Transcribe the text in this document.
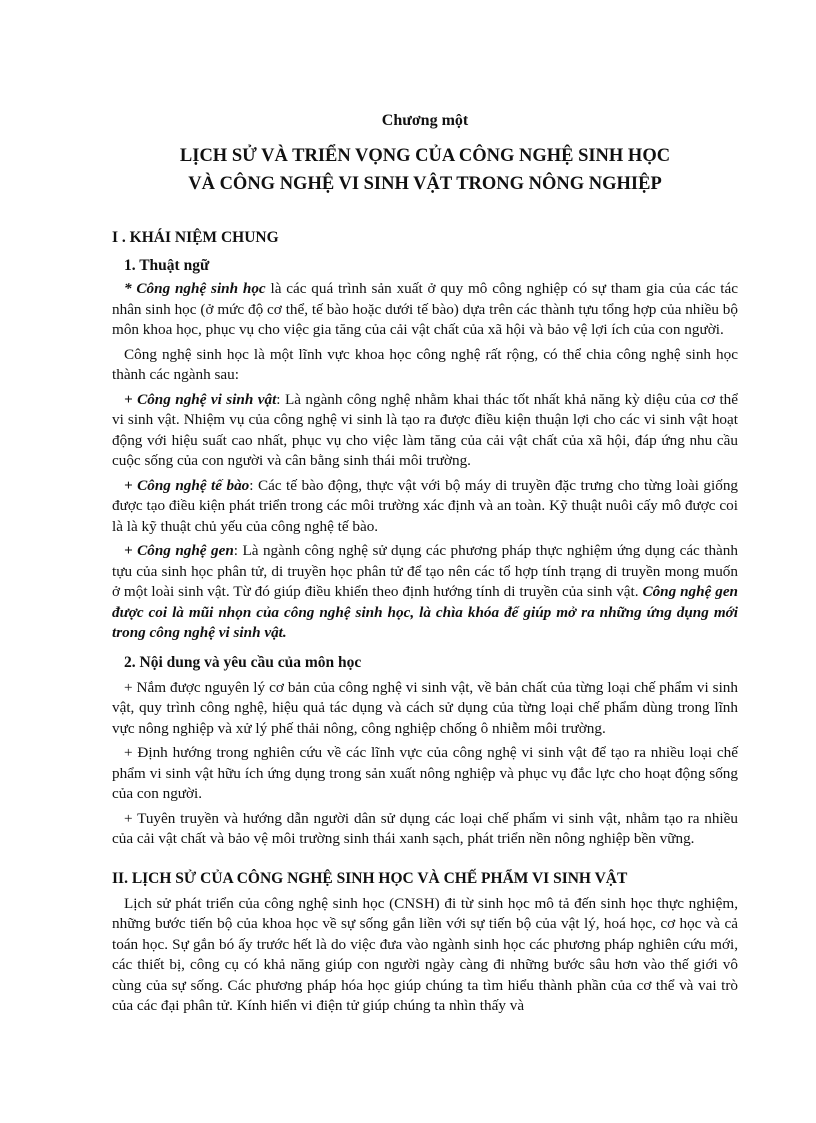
Chương một
LỊCH SỬ VÀ TRIỂN VỌNG CỦA CÔNG NGHỆ SINH HỌC
VÀ CÔNG NGHỆ VI SINH VẬT TRONG NÔNG NGHIỆP
I . KHÁI NIỆM CHUNG
1. Thuật ngữ

* Công nghệ sinh học là các quá trình sản xuất ở quy mô công nghiệp có sự tham gia của các tác nhân sinh học (ở mức độ cơ thể, tế bào hoặc dưới tế bào) dựa trên các thành tựu tổng hợp của nhiều bộ môn khoa học, phục vụ cho việc gia tăng của cải vật chất của xã hội và bảo vệ lợi ích của con người.

Công nghệ sinh học là một lĩnh vực khoa học công nghệ rất rộng, có thể chia công nghệ sinh học thành các ngành sau:

+ Công nghệ vi sinh vật: Là ngành công nghệ nhằm khai thác tốt nhất khả năng kỳ diệu của cơ thể vi sinh vật. Nhiệm vụ của công nghệ vi sinh là tạo ra được điều kiện thuận lợi cho các vi sinh vật hoạt động với hiệu suất cao nhất, phục vụ cho việc làm tăng của cải vật chất của xã hội, đáp ứng nhu cầu cuộc sống của con người và cân bằng sinh thái môi trường.

+ Công nghệ tế bào: Các tế bào động, thực vật với bộ máy di truyền đặc trưng cho từng loài giống được tạo điều kiện phát triển trong các môi trường xác định và an toàn. Kỹ thuật nuôi cấy mô được coi là là kỹ thuật chủ yếu của công nghệ tế bào.

+ Công nghệ gen: Là ngành công nghệ sử dụng các phương pháp thực nghiệm ứng dụng các thành tựu của sinh học phân tử, di truyền học phân tử để tạo nên các tổ hợp tính trạng di truyền mong muốn ở một loài sinh vật. Từ đó giúp điều khiển theo định hướng tính di truyền của sinh vật. Công nghệ gen được coi là mũi nhọn của công nghệ sinh học, là chìa khóa để giúp mở ra những ứng dụng mới trong công nghệ vi sinh vật.

2. Nội dung và yêu cầu của môn học

+ Nắm được nguyên lý cơ bản của công nghệ vi sinh vật, về bản chất của từng loại chế phẩm vi sinh vật, quy trình công nghệ, hiệu quả tác dụng và cách sử dụng của từng loại chế phẩm dùng trong lĩnh vực nông nghiệp và xử lý phế thải nông, công nghiệp chống ô nhiễm môi trường.

+ Định hướng trong nghiên cứu về các lĩnh vực của công nghệ vi sinh vật để tạo ra nhiều loại chế phẩm vi sinh vật hữu ích ứng dụng trong sản xuất nông nghiệp và phục vụ đắc lực cho hoạt động sống của con người.

+ Tuyên truyền và hướng dẫn người dân sử dụng các loại chế phẩm vi sinh vật, nhằm tạo ra nhiều của cải vật chất và bảo vệ môi trường sinh thái xanh sạch, phát triển nền nông nghiệp bền vững.

II. LỊCH SỬ CỦA CÔNG NGHỆ SINH HỌC VÀ CHẾ PHẨM VI SINH VẬT

Lịch sử phát triển của công nghệ sinh học (CNSH) đi từ sinh học mô tả đến sinh học thực nghiệm, những bước tiến bộ của khoa học về sự sống gắn liền với sự tiến bộ của vật lý, hoá học, cơ học và cả toán học. Sự gắn bó ấy trước hết là do việc đưa vào ngành sinh học các phương pháp nghiên cứu mới, các thiết bị, công cụ có khả năng giúp con người ngày càng đi những bước sâu hơn vào thế giới vô cùng của sự sống. Các phương pháp hóa học giúp chúng ta tìm hiểu thành phần của cơ thể và vai trò của các đại phân tử. Kính hiển vi điện tử giúp chúng ta nhìn thấy và
